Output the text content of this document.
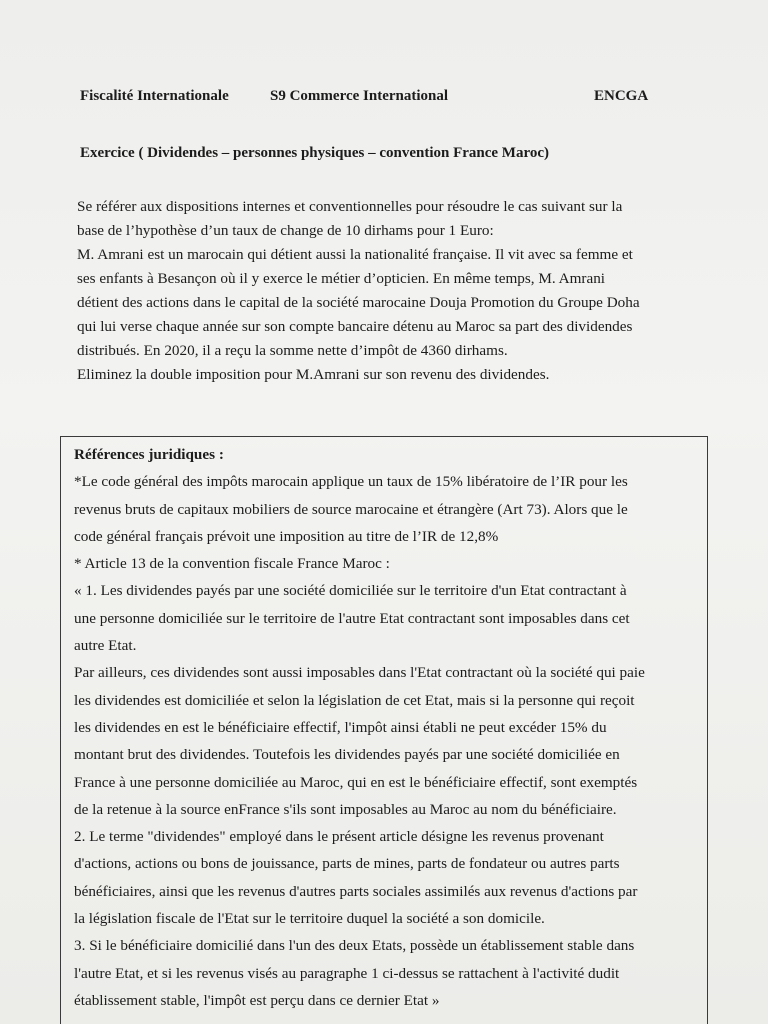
Fiscalité Internationale	S9 Commerce International	ENCGA
Exercice ( Dividendes – personnes physiques – convention France Maroc)

Se référer aux dispositions internes et conventionnelles pour résoudre le cas suivant sur la

base de l’hypothèse d’un taux de change de 10 dirhams pour 1 Euro:

M. Amrani est un marocain qui détient aussi la nationalité française. Il vit avec sa femme et

ses enfants à Besançon où il y exerce le métier d’opticien. En même temps, M. Amrani

détient des actions dans le capital de la société marocaine Douja Promotion du Groupe Doha

qui lui verse chaque année sur son compte bancaire détenu au Maroc sa part des dividendes

distribués. En 2020, il a reçu la somme nette d’impôt de 4360 dirhams.

Eliminez la double imposition pour M.Amrani sur son revenu des dividendes.

Références juridiques :

*Le code général des impôts marocain applique un taux de 15% libératoire de l’IR pour les

revenus bruts de capitaux mobiliers de source marocaine et étrangère (Art 73). Alors que le

code général français prévoit une imposition au titre de l’IR de 12,8%

* Article 13 de la convention fiscale France Maroc :

« 1. Les dividendes payés par une société domiciliée sur le territoire d'un Etat contractant à

une personne domiciliée sur le territoire de l'autre Etat contractant sont imposables dans cet

autre Etat.

Par ailleurs, ces dividendes sont aussi imposables dans l'Etat contractant où la société qui paie

les dividendes est domiciliée et selon la législation de cet Etat, mais si la personne qui reçoit

les dividendes en est le bénéficiaire effectif, l'impôt ainsi établi ne peut excéder 15% du

montant brut des dividendes. Toutefois les dividendes payés par une société domiciliée en

France à une personne domiciliée au Maroc, qui en est le bénéficiaire effectif, sont exemptés

de la retenue à la source enFrance s'ils sont imposables au Maroc au nom du bénéficiaire.

2. Le terme "dividendes" employé dans le présent article désigne les revenus provenant

d'actions, actions ou bons de jouissance, parts de mines, parts de fondateur ou autres parts

bénéficiaires, ainsi que les revenus d'autres parts sociales assimilés aux revenus d'actions par

la législation fiscale de l'Etat sur le territoire duquel la société a son domicile.

3. Si le bénéficiaire domicilié dans l'un des deux Etats, possède un établissement stable dans

l'autre Etat, et si les revenus visés au paragraphe 1 ci-dessus se rattachent à l'activité dudit

établissement stable, l'impôt est perçu dans ce dernier Etat »
